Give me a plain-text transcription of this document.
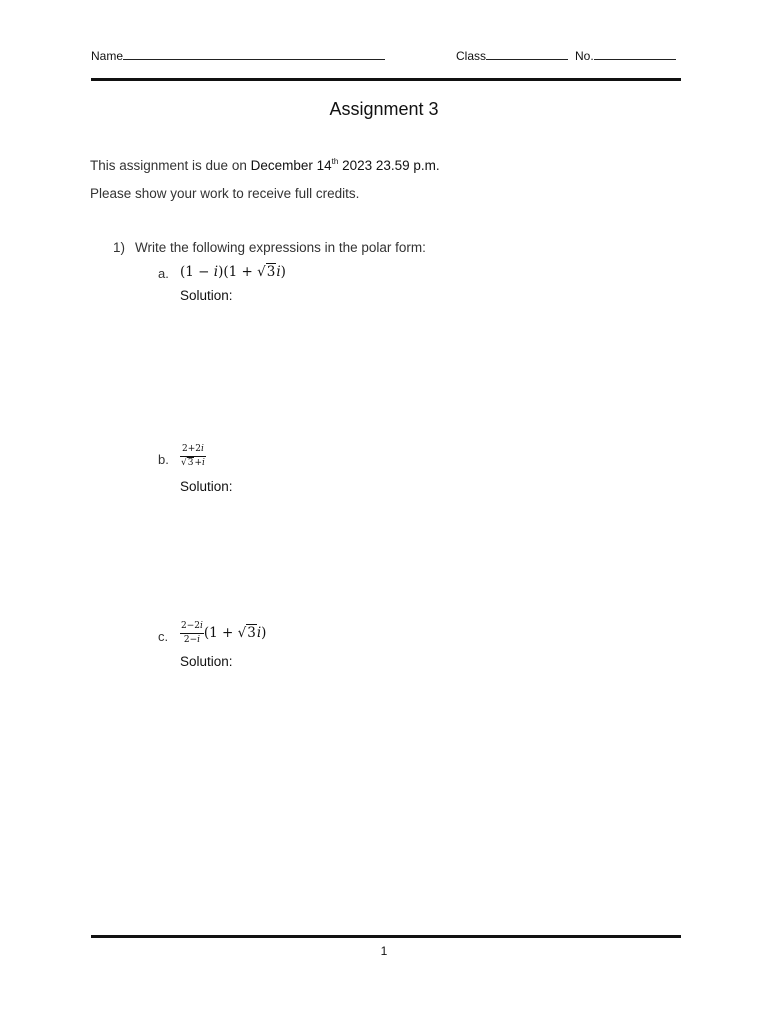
Name	Class	No.
Assignment 3
This assignment is due on December 14th 2023 23.59 p.m.
Please show your work to receive full credits.
1) Write the following expressions in the polar form:
a. (1 − i)(1 + √3i)
Solution:
b. $\frac{2+2i}{√3+i}$
Solution:
c. $\frac{2-2i}{2-i} (1 + √3i)$
Solution:
1
